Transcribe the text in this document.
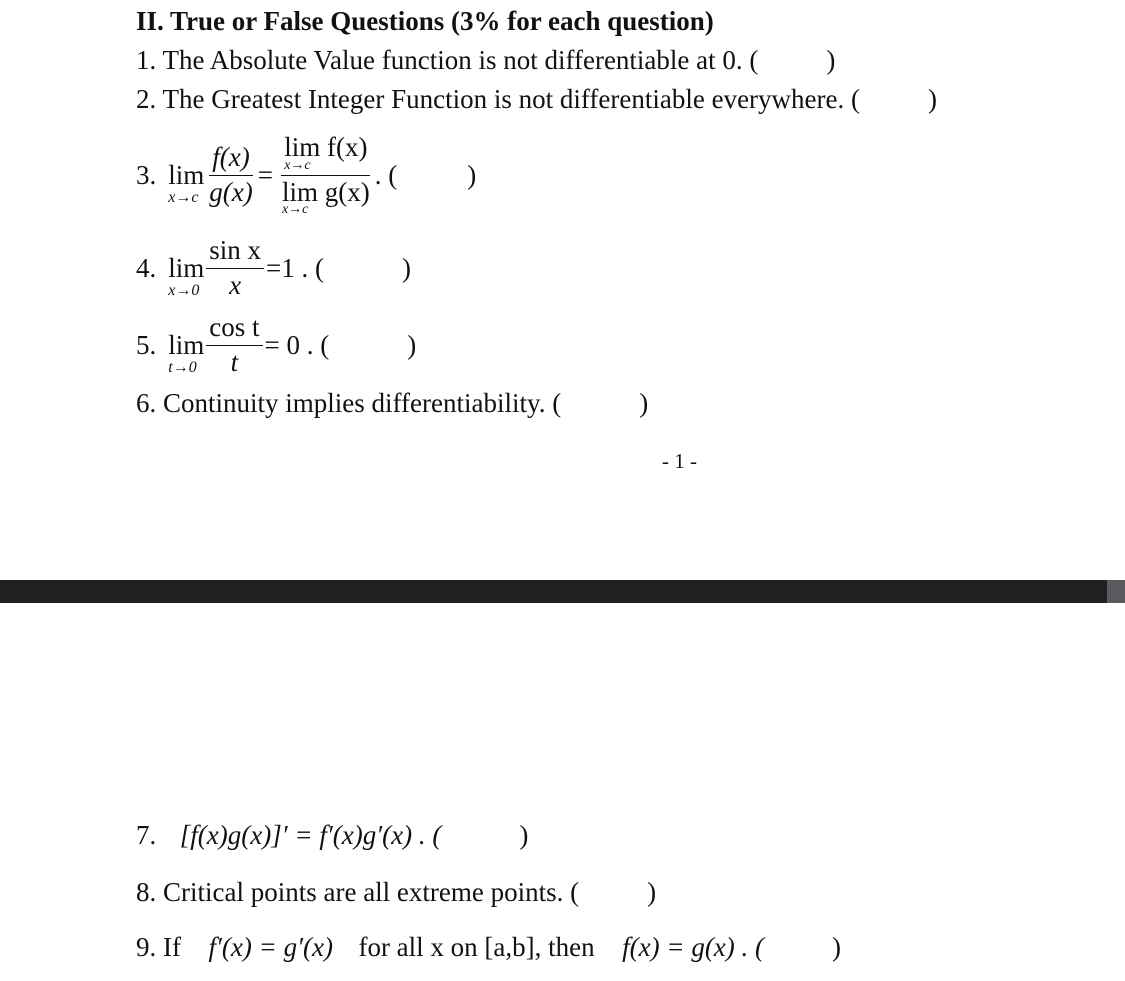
II. True or False Questions (3% for each question)
1. The Absolute Value function is not differentiable at 0. (	)
2. The Greatest Integer Function is not differentiable everywhere. (	)
3. lim
$x\to c \frac{f(x)}{g(x)} = \lim f(x)$
x→c
lim g(x)
x→c . (	)
4. lim
$x\to 0 \frac{\text{sin x}}{x} =1$ . (	)
5. lim
$t\to 0 \frac{\text{cos t}}{t} = 0$ . (	)
6. Continuity implies differentiability. (	)
- 1 -
7. [f(x)g(x)]′ = f′(x)g′(x) . (	)
8. Critical points are all extreme points. (	)
9. If f′(x) = g′(x) for all x on [a,b], then f(x) = g(x) . (	)
